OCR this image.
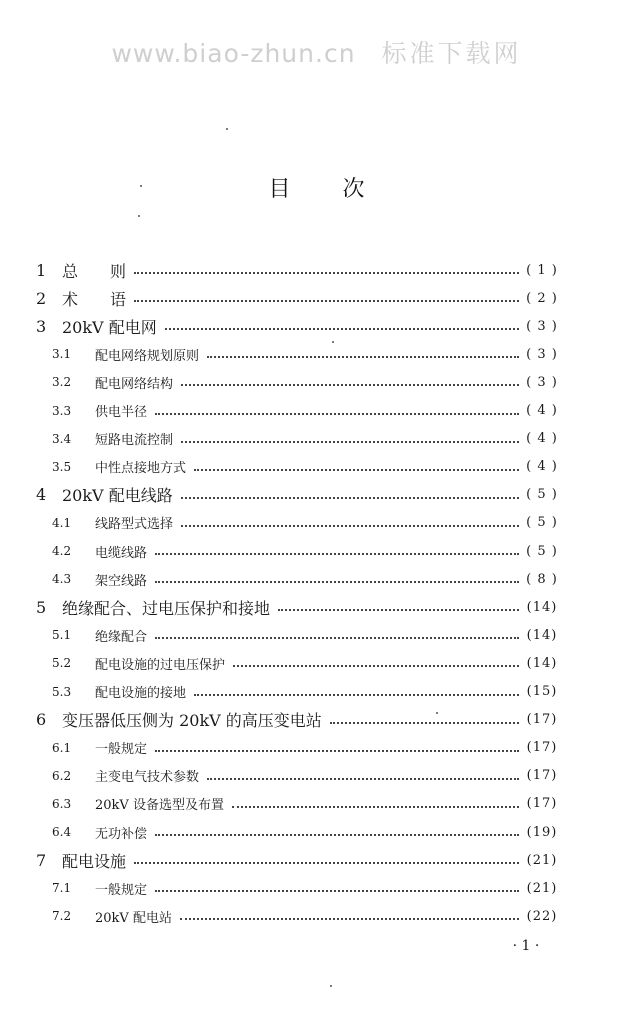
www.biao-zhun.cn 标准下载网
目 次
1 总　　则	( 1 )
2 术　　语	( 2 )
3 20kV 配电网	( 3 )
3.1 配电网络规划原则	( 3 )
3.2 配电网络结构	( 3 )
3.3 供电半径	( 4 )
3.4 短路电流控制	( 4 )
3.5 中性点接地方式	( 4 )
4 20kV 配电线路	( 5 )
4.1 线路型式选择	( 5 )
4.2 电缆线路	( 5 )
4.3 架空线路	( 8 )
5 绝缘配合、过电压保护和接地	(14)
5.1 绝缘配合	(14)
5.2 配电设施的过电压保护	(14)
5.3 配电设施的接地	(15)
6 变压器低压侧为 20kV 的高压变电站	(17)
6.1 一般规定	(17)
6.2 主变电气技术参数	(17)
6.3 20kV 设备选型及布置	(17)
6.4 无功补偿	(19)
7 配电设施	(21)
7.1 一般规定	(21)
7.2 20kV 配电站	(22)
· 1 ·
